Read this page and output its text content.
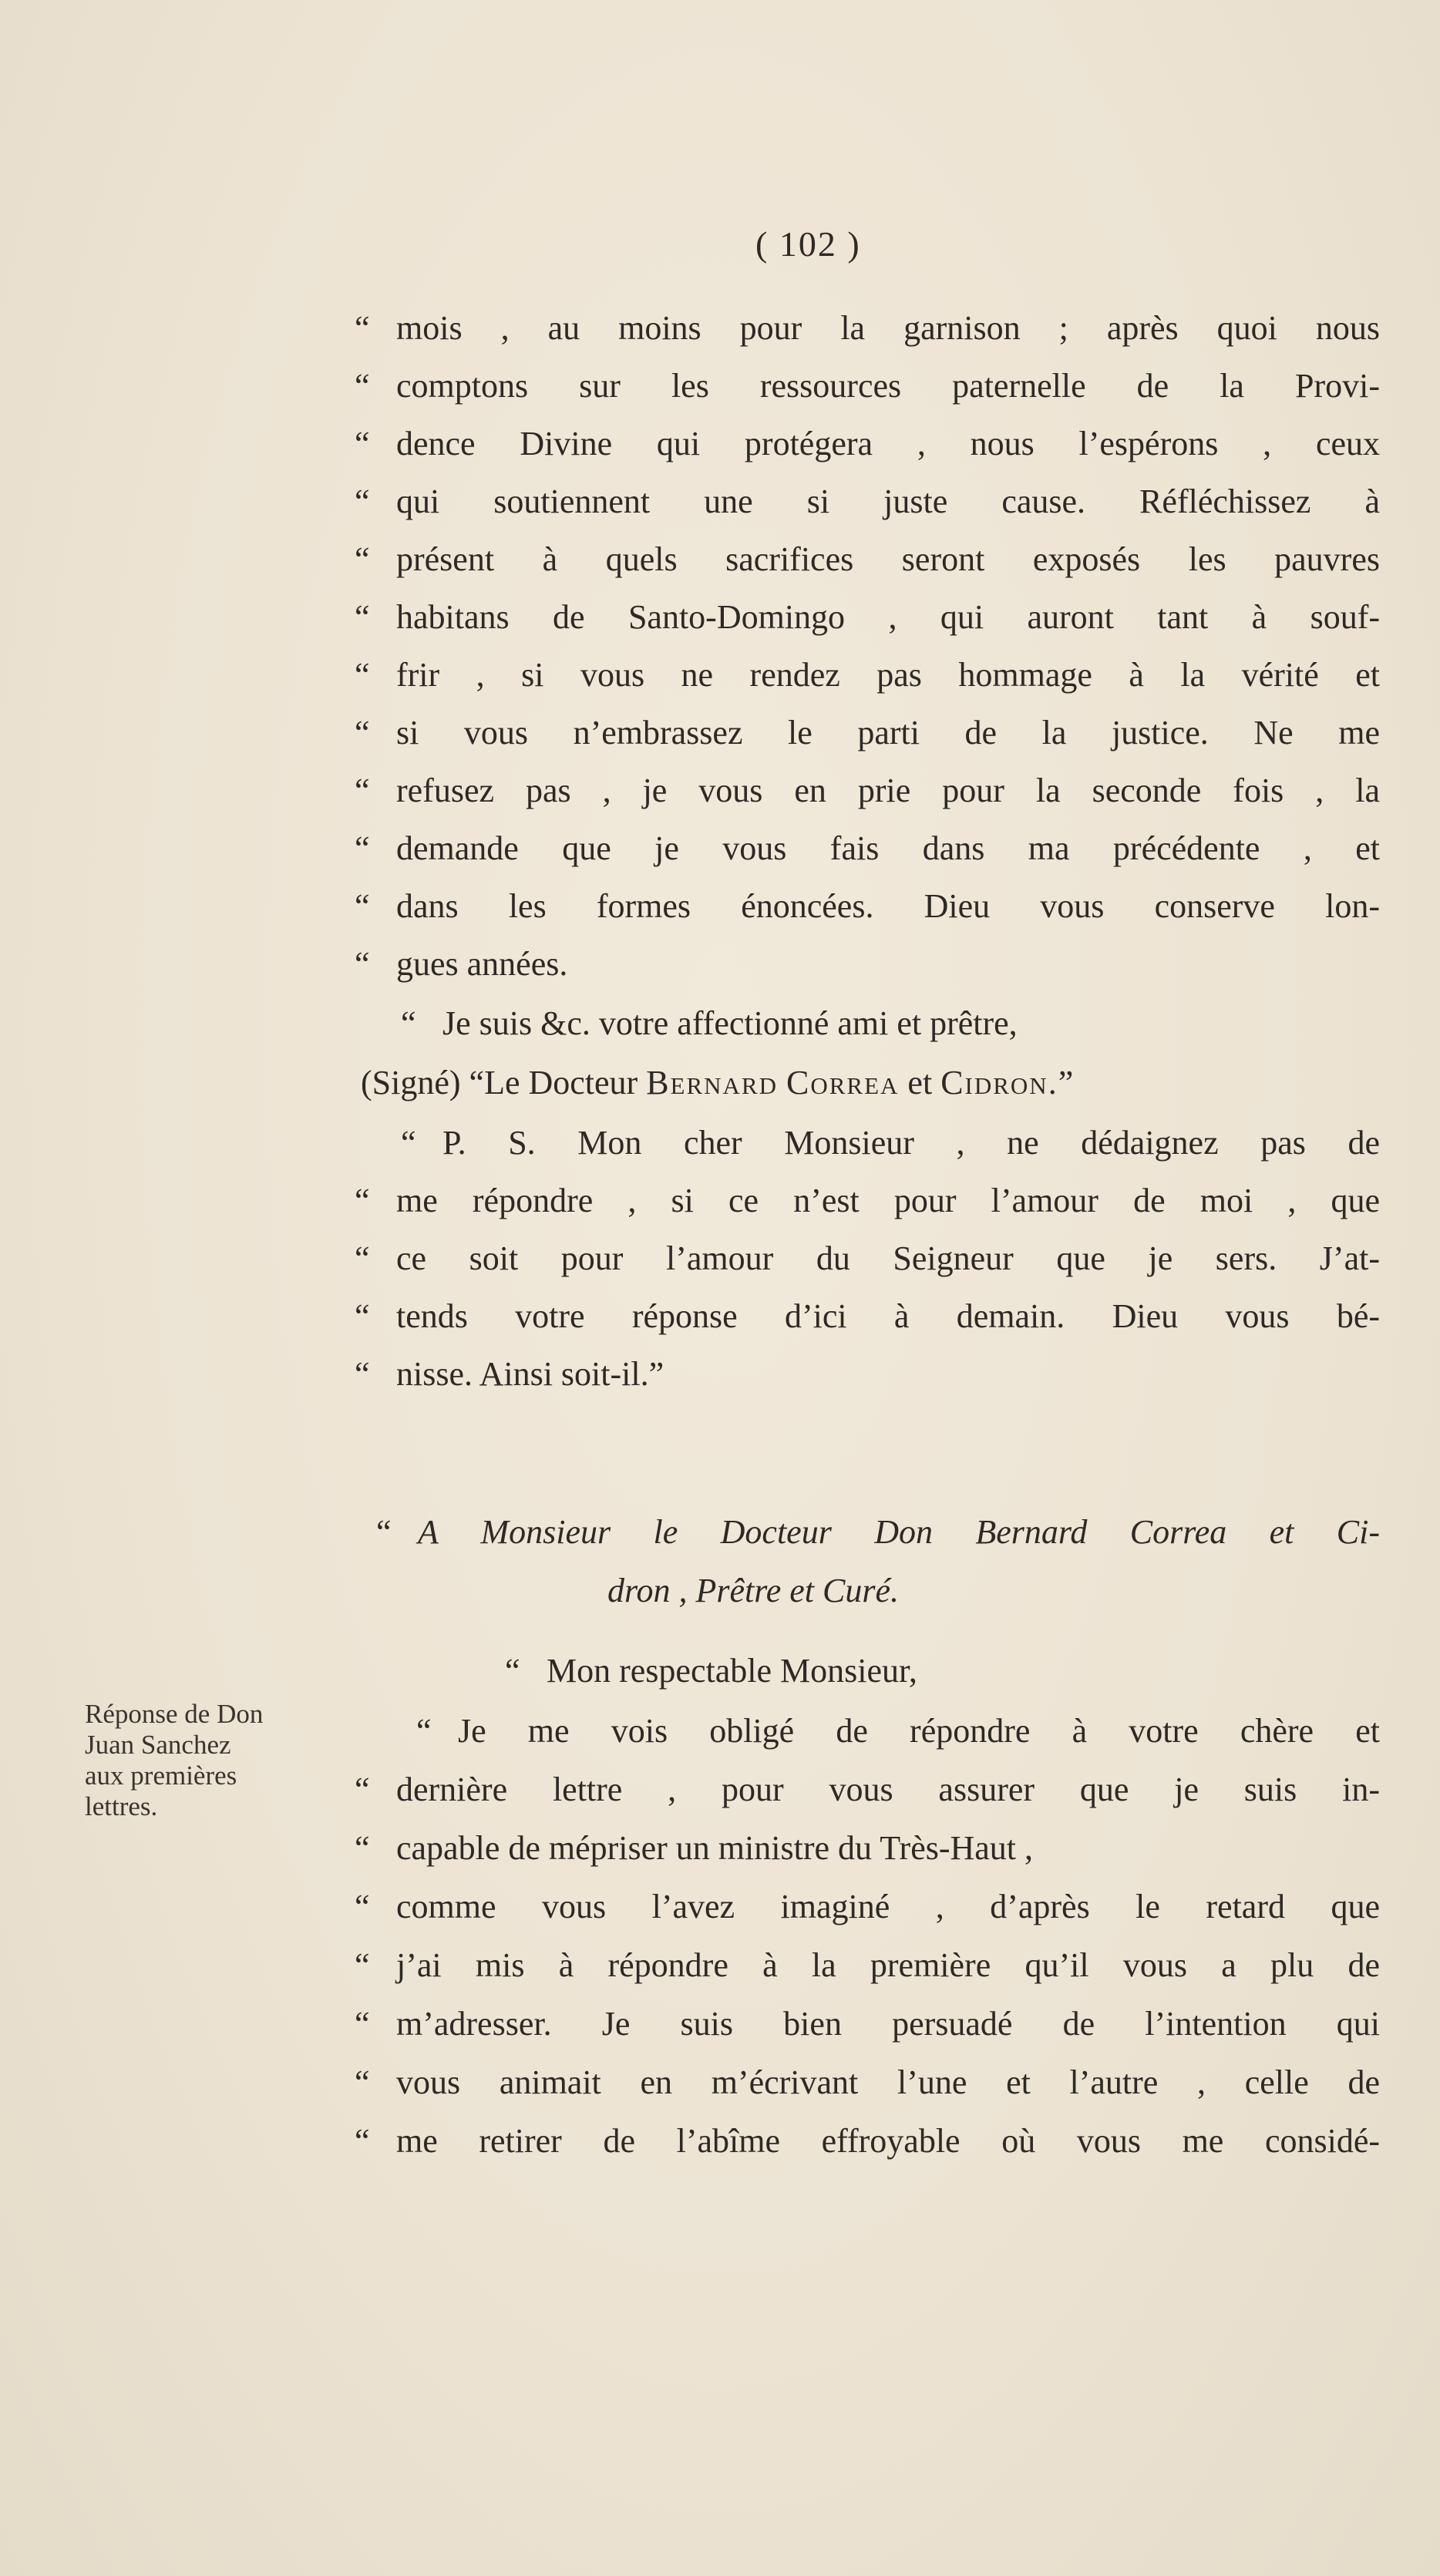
( 102 )
“ mois , au moins pour la garnison ; après quoi nous
“ comptons sur les ressources paternelle de la Provi-
“ dence Divine qui protégera , nous l’espérons , ceux
“ qui soutiennent une si juste cause. Réfléchissez à
“ présent à quels sacrifices seront exposés les pauvres
“ habitans de Santo-Domingo , qui auront tant à souf-
“ frir , si vous ne rendez pas hommage à la vérité et
“ si vous n’embrassez le parti de la justice. Ne me
“ refusez pas , je vous en prie pour la seconde fois , la
“ demande que je vous fais dans ma précédente , et
“ dans les formes énoncées. Dieu vous conserve lon-
“ gues années.
“ Je suis &c. votre affectionné ami et prêtre,
(Signé) “Le Docteur Bernard Correa et Cidron.”
“ P. S. Mon cher Monsieur , ne dédaignez pas de
“ me répondre , si ce n’est pour l’amour de moi , que
“ ce soit pour l’amour du Seigneur que je sers. J’at-
“ tends votre réponse d’ici à demain. Dieu vous bé-
“ nisse. Ainsi soit-il.”
“ A Monsieur le Docteur Don Bernard Correa et Ci-
dron , Prêtre et Curé.
“ Mon respectable Monsieur,
“ Je me vois obligé de répondre à votre chère et
“ dernière lettre , pour vous assurer que je suis in-
“ capable de mépriser un ministre du Très-Haut ,
“ comme vous l’avez imaginé , d’après le retard que
“ j’ai mis à répondre à la première qu’il vous a plu de
“ m’adresser. Je suis bien persuadé de l’intention qui
“ vous animait en m’écrivant l’une et l’autre , celle de
“ me retirer de l’abîme effroyable où vous me considé-
Réponse de Don
Juan Sanchez
aux premières
lettres.
